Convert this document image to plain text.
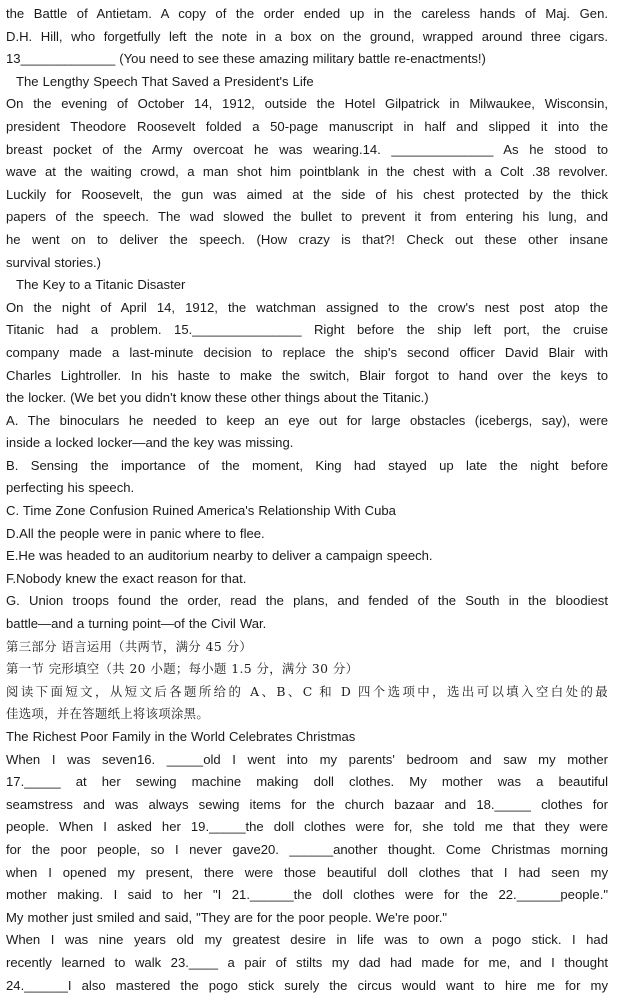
the Battle of Antietam. A copy of the order ended up in the careless hands of Maj. Gen.
D.H. Hill, who forgetfully left the note in a box on the ground, wrapped around three cigars.
13_____________ (You need to see these amazing military battle re-enactments!)
The Lengthy Speech That Saved a President's Life
On the evening of October 14, 1912, outside the Hotel Gilpatrick in Milwaukee, Wisconsin,
president Theodore Roosevelt folded a 50-page manuscript in half and slipped it into the
breast pocket of the Army overcoat he was wearing.14. ______________ As he stood to
wave at the waiting crowd, a man shot him pointblank in the chest with a Colt .38 revolver.
Luckily for Roosevelt, the gun was aimed at the side of his chest protected by the thick
papers of the speech. The wad slowed the bullet to prevent it from entering his lung, and
he went on to deliver the speech. (How crazy is that?! Check out these other insane
survival stories.)
The Key to a Titanic Disaster
On the night of April 14, 1912, the watchman assigned to the crow's nest post atop the
Titanic had a problem. 15._______________ Right before the ship left port, the cruise
company made a last-minute decision to replace the ship's second officer David Blair with
Charles Lightroller. In his haste to make the switch, Blair forgot to hand over the keys to
the locker. (We bet you didn't know these other things about the Titanic.)
A. The binoculars he needed to keep an eye out for large obstacles (icebergs, say), were
inside a locked locker—and the key was missing.
B. Sensing the importance of the moment, King had stayed up late the night before
perfecting his speech.
C. Time Zone Confusion Ruined America's Relationship With Cuba
D.All the people were in panic where to flee.
E.He was headed to an auditorium nearby to deliver a campaign speech.
F.Nobody knew the exact reason for that.
G. Union troops found the order, read the plans, and fended of the South in the bloodiest
battle—and a turning point—of the Civil War.
第三部分 语言运用（共两节，满分 45 分）
第一节 完形填空（共 20 小题；每小题 1.5 分，满分 30 分）
阅读下面短文，从短文后各题所给的 A、B、C 和 D 四个选项中，选出可以填入空白处的最
佳选项，并在答题纸上将该项涂黑。
The Richest Poor Family in the World Celebrates Christmas
When I was seven16. _____old I went into my parents' bedroom and saw my mother
17._____ at her sewing machine making doll clothes. My mother was a beautiful
seamstress and was always sewing items for the church bazaar and 18._____ clothes for
people. When I asked her 19._____the doll clothes were for, she told me that they were
for the poor people, so I never gave20. ______another thought. Come Christmas morning
when I opened my present, there were those beautiful doll clothes that I had seen my
mother making. I said to her "I 21.______the doll clothes were for the 22.______people."
My mother just smiled and said, "They are for the poor people. We're poor."
When I was nine years old my greatest desire in life was to own a pogo stick. I had
recently learned to walk 23.____ a pair of stilts my dad had made for me, and I thought
24.______I also mastered the pogo stick surely the circus would want to hire me for my
